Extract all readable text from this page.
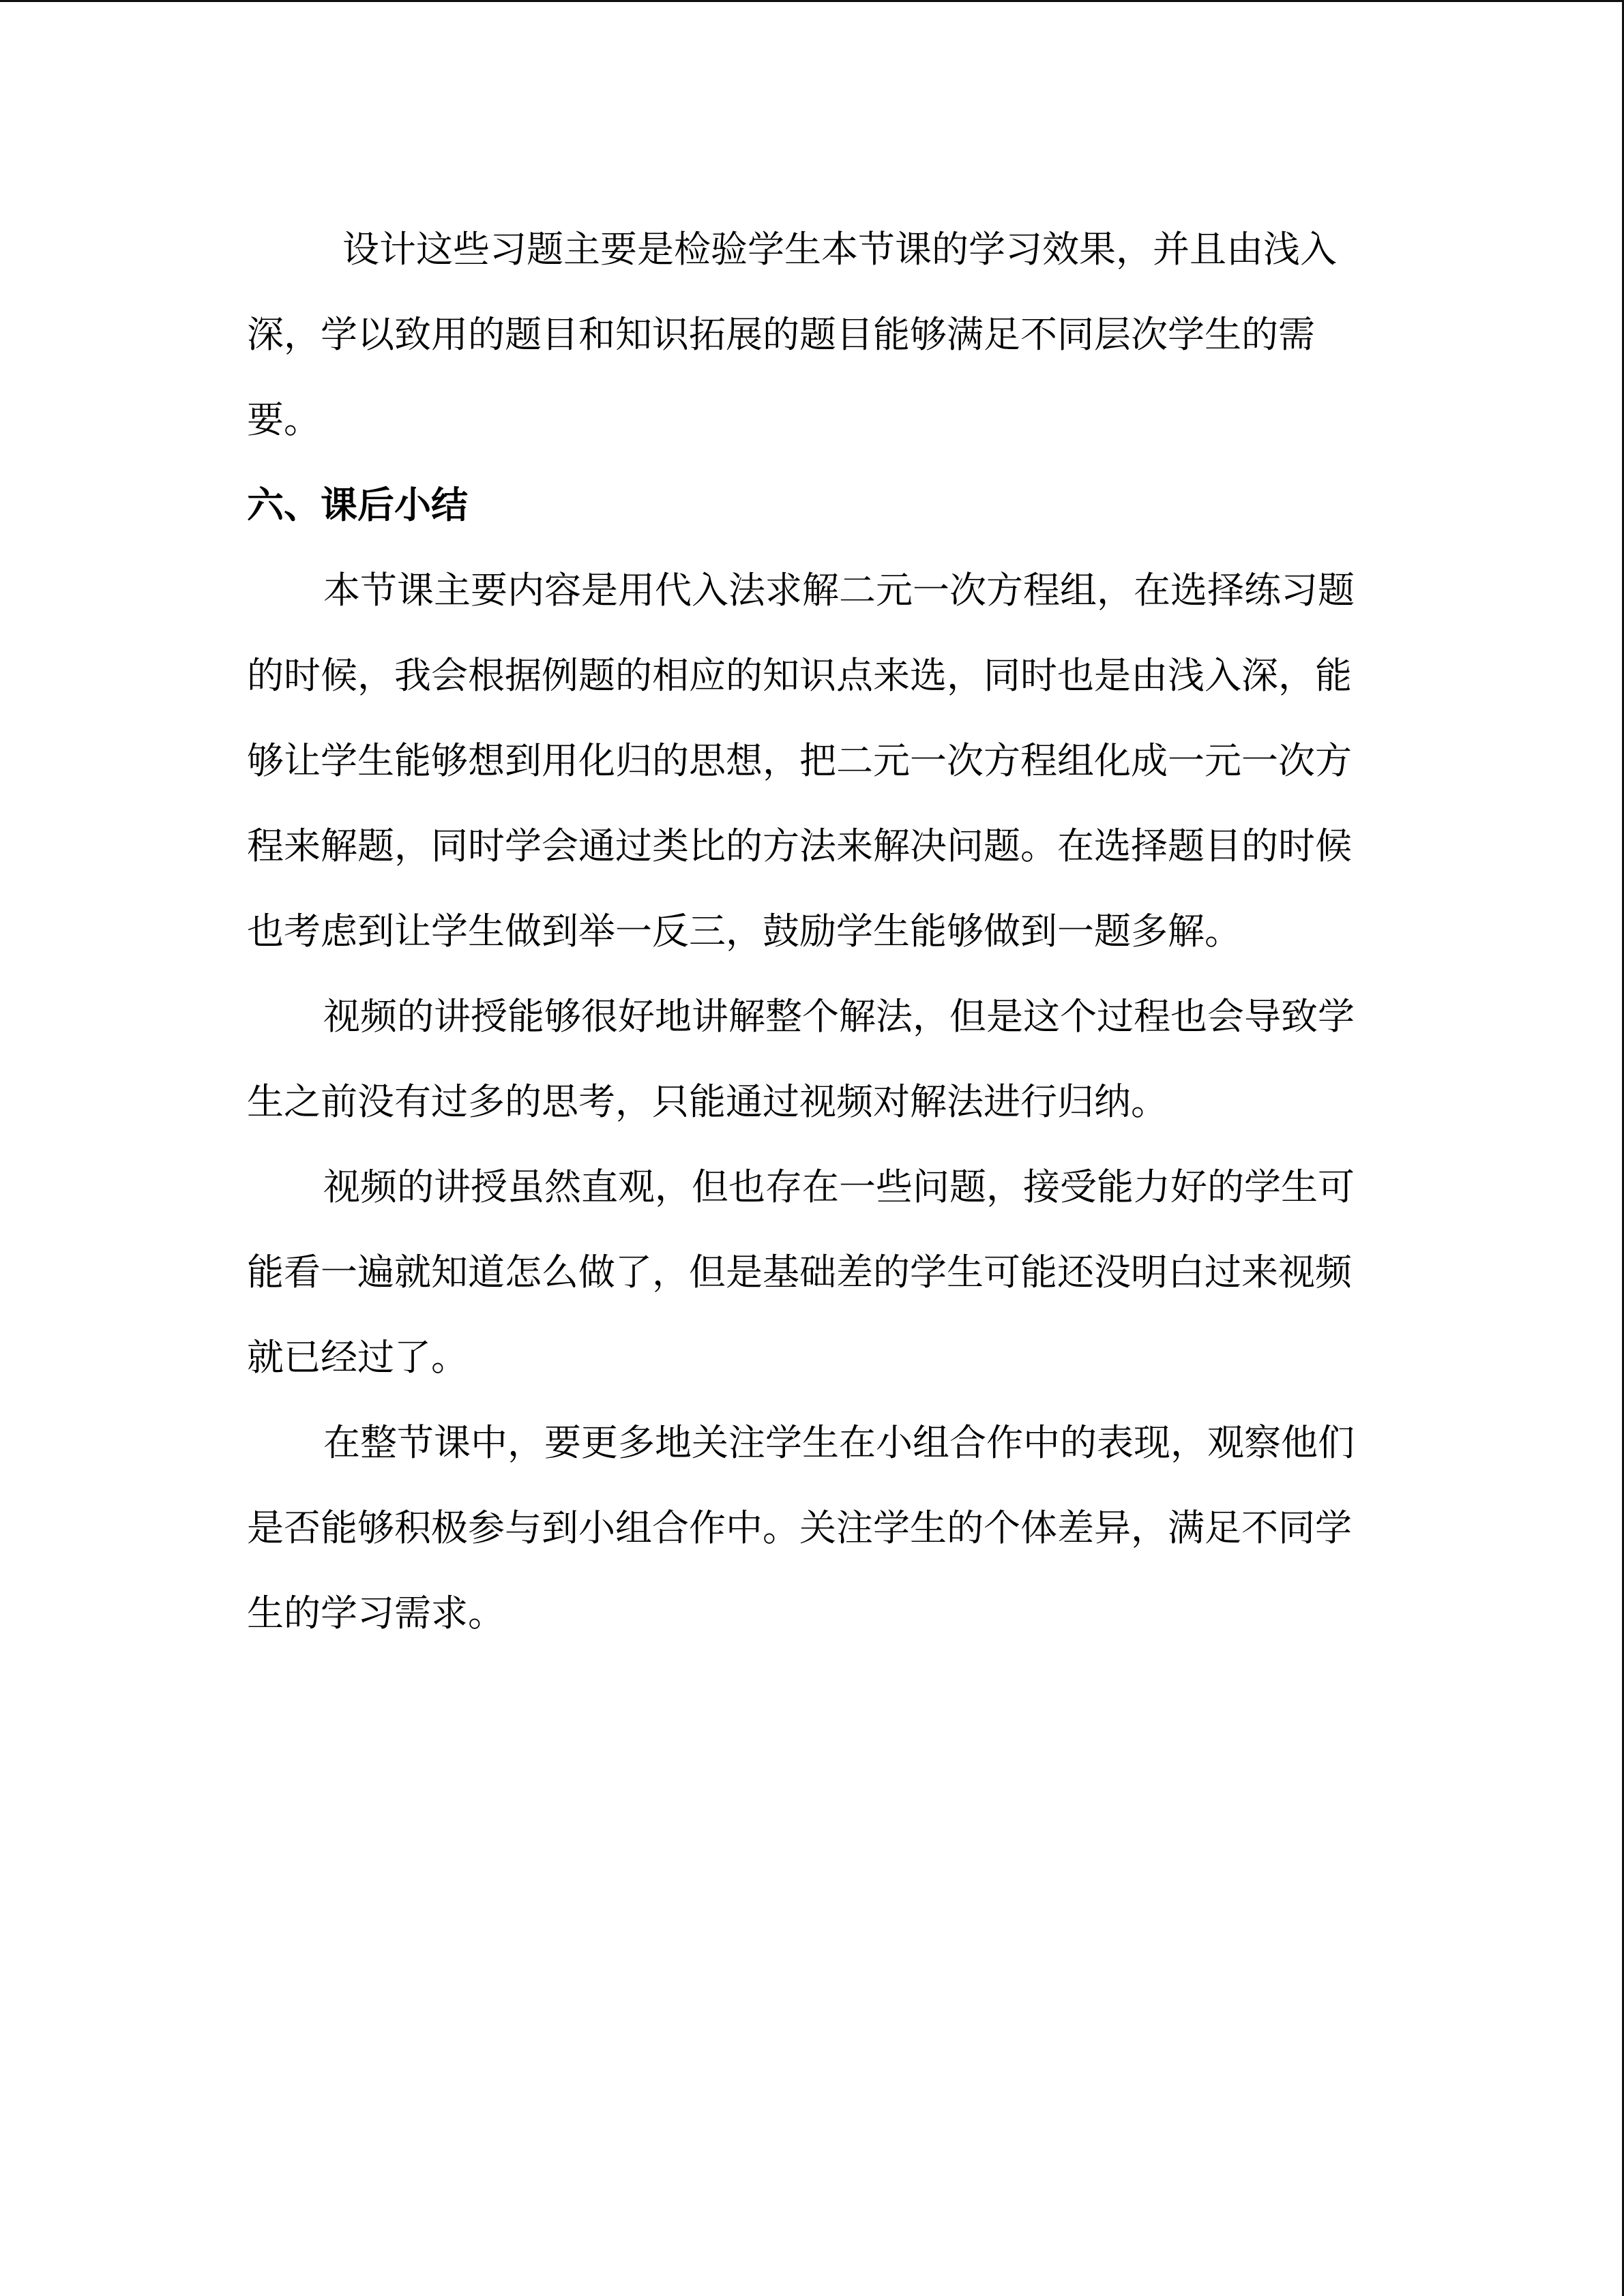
设计这些习题主要是检验学生本节课的学习效果，并且由浅入深，学以致用的题目和知识拓展的题目能够满足不同层次学生的需要。

六、课后小结

本节课主要内容是用代入法求解二元一次方程组，在选择练习题的时候，我会根据例题的相应的知识点来选，同时也是由浅入深，能够让学生能够想到用化归的思想，把二元一次方程组化成一元一次方程来解题，同时学会通过类比的方法来解决问题。在选择题目的时候也考虑到让学生做到举一反三，鼓励学生能够做到一题多解。

视频的讲授能够很好地讲解整个解法，但是这个过程也会导致学生之前没有过多的思考，只能通过视频对解法进行归纳。

视频的讲授虽然直观，但也存在一些问题，接受能力好的学生可能看一遍就知道怎么做了，但是基础差的学生可能还没明白过来视频就已经过了。

在整节课中，要更多地关注学生在小组合作中的表现，观察他们是否能够积极参与到小组合作中。关注学生的个体差异，满足不同学生的学习需求。
